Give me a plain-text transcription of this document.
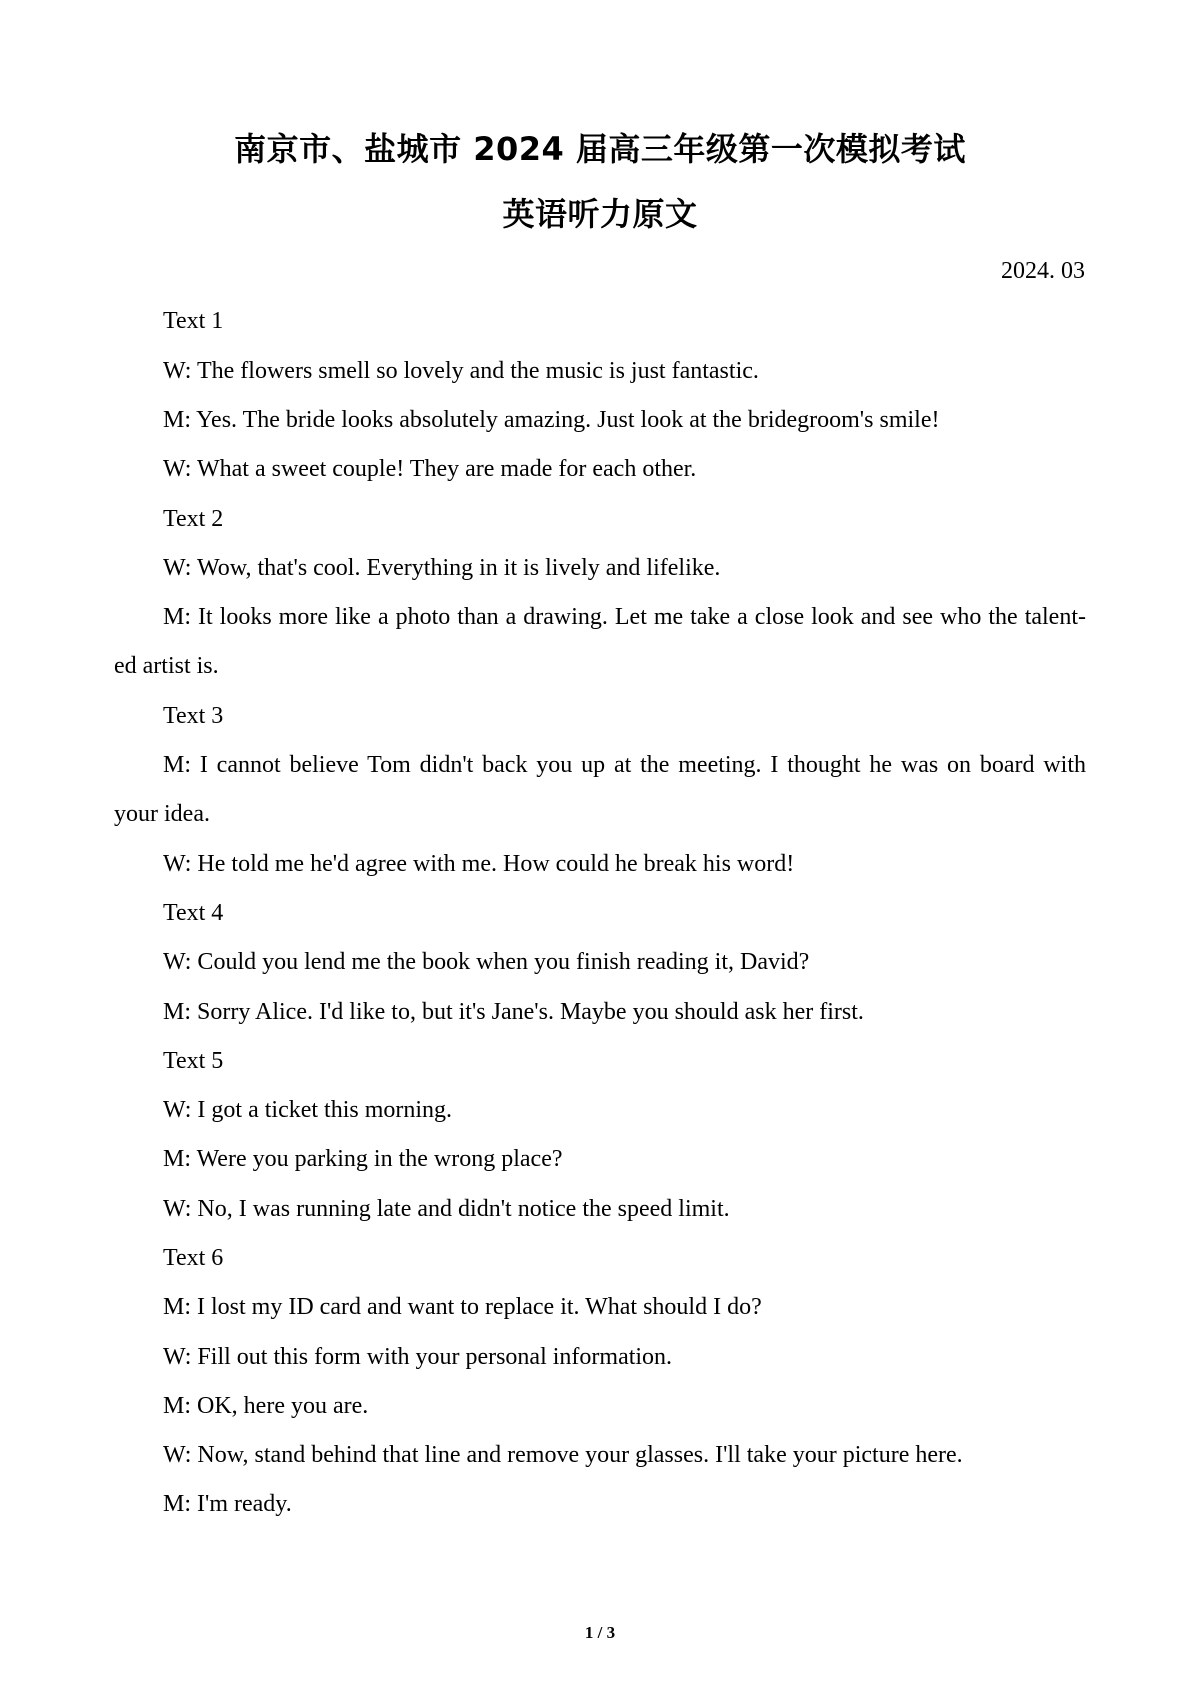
南京市、盐城市 2024 届高三年级第一次模拟考试
英语听力原文
2024. 03
Text 1
W: The flowers smell so lovely and the music is just fantastic.
M: Yes. The bride looks absolutely amazing. Just look at the bridegroom's smile!
W: What a sweet couple! They are made for each other.
Text 2
W: Wow, that's cool. Everything in it is lively and lifelike.
M: It looks more like a photo than a drawing. Let me take a close look and see who the talent-
ed artist is.
Text 3
M: I cannot believe Tom didn't back you up at the meeting. I thought he was on board with
your idea.
W: He told me he'd agree with me. How could he break his word!
Text 4
W: Could you lend me the book when you finish reading it, David?
M: Sorry Alice. I'd like to, but it's Jane's. Maybe you should ask her first.
Text 5
W: I got a ticket this morning.
M: Were you parking in the wrong place?
W: No, I was running late and didn't notice the speed limit.
Text 6
M: I lost my ID card and want to replace it. What should I do?
W: Fill out this form with your personal information.
M: OK, here you are.
W: Now, stand behind that line and remove your glasses. I'll take your picture here.
M: I'm ready.
1 / 3
